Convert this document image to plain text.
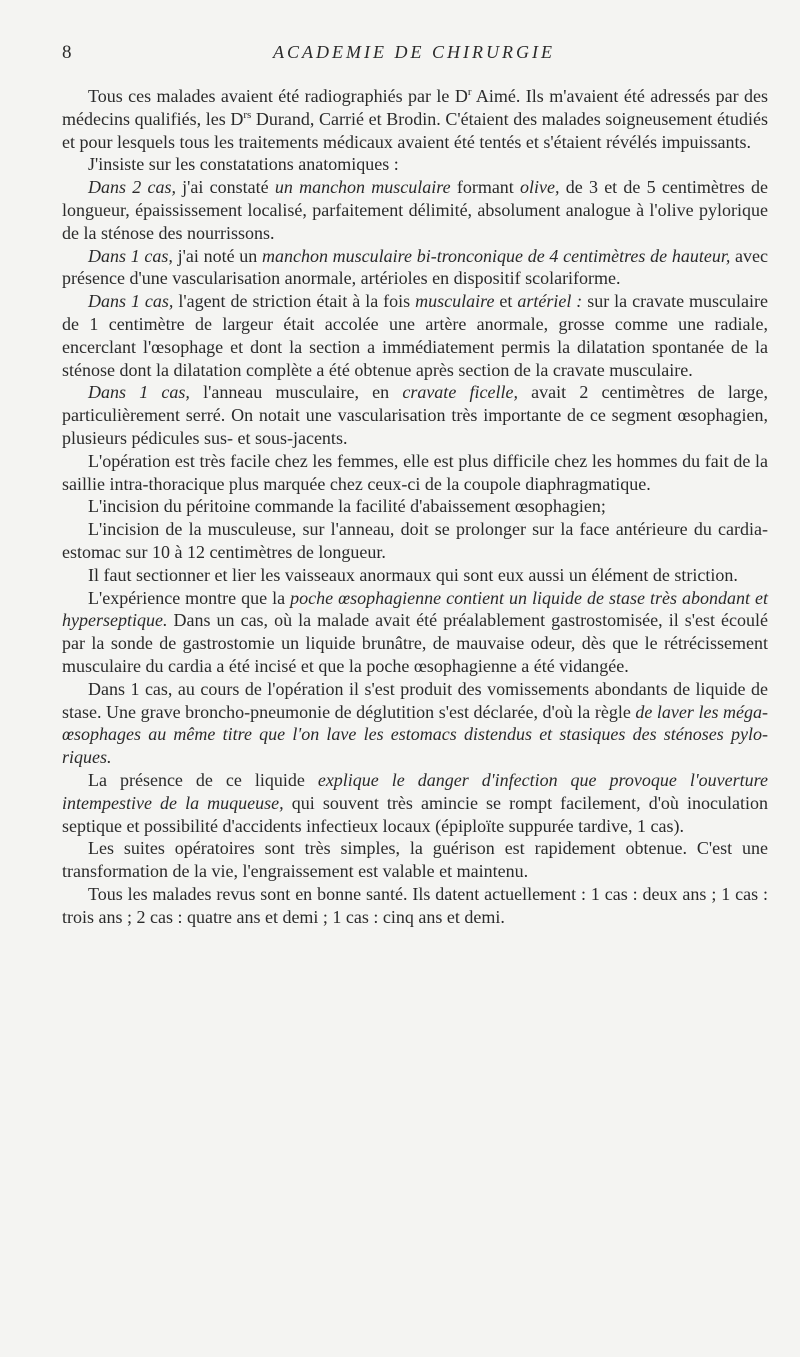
8	ACADEMIE DE CHIRURGIE

Tous ces malades avaient été radiographiés par le $D^r$ Aimé. Ils m'avaient été adressés par des médecins qualifiés, les $D^{rs}$ Durand, Carrié et Brodin. C'étaient des malades soigneusement étudiés et pour lesquels tous les traitements médicaux avaient été tentés et s'étaient révélés impuissants.

J'insiste sur les constatations anatomiques :

Dans 2 cas, j'ai constaté un manchon musculaire formant olive, de 3 et de 5 centimètres de longueur, épaississement localisé, parfaitement délimité, absolument analogue à l'olive pylorique de la sténose des nourrissons.

Dans 1 cas, j'ai noté un manchon musculaire bi-tronconique de 4 centimètres de hauteur, avec présence d'une vascularisation anormale, artérioles en dispositif scolariforme.

Dans 1 cas, l'agent de striction était à la fois musculaire et artériel : sur la cravate musculaire de 1 centimètre de largeur était accolée une artère anormale, grosse comme une radiale, encerclant l'œsophage et dont la section a immédiatement permis la dilatation spontanée de la sténose dont la dilatation complète a été obtenue après section de la cravate musculaire.

Dans 1 cas, l'anneau musculaire, en cravate ficelle, avait 2 centimètres de large, particulièrement serré. On notait une vascularisation très importante de ce segment œsophagien, plusieurs pédicules sus- et sous-jacents.

L'opération est très facile chez les femmes, elle est plus difficile chez les hommes du fait de la saillie intra-thoracique plus marquée chez ceux-ci de la coupole diaphragmatique.

L'incision du péritoine commande la facilité d'abaissement œsophagien;

L'incision de la musculeuse, sur l'anneau, doit se prolonger sur la face antérieure du cardia-estomac sur 10 à 12 centimètres de longueur.

Il faut sectionner et lier les vaisseaux anormaux qui sont eux aussi un élément de striction.

L'expérience montre que la poche œsophagienne contient un liquide de stase très abondant et hyperseptique. Dans un cas, où la malade avait été préalablement gastrostomisée, il s'est écoulé par la sonde de gastrostomie un liquide brunâtre, de mauvaise odeur, dès que le rétrécissement musculaire du cardia a été incisé et que la poche œsophagienne a été vidangée.

Dans 1 cas, au cours de l'opération il s'est produit des vomissements abondants de liquide de stase. Une grave broncho-pneumonie de déglutition s'est déclarée, d'où la règle de laver les méga-œsophages au même titre que l'on lave les estomacs distendus et stasiques des sténoses pyloriques.

La présence de ce liquide explique le danger d'infection que provoque l'ouverture intempestive de la muqueuse, qui souvent très amincie se rompt facilement, d'où inoculation septique et possibilité d'accidents infectieux locaux (épiploïte suppurée tardive, 1 cas).

Les suites opératoires sont très simples, la guérison est rapidement obtenue. C'est une transformation de la vie, l'engraissement est valable et maintenu.

Tous les malades revus sont en bonne santé. Ils datent actuellement : 1 cas : deux ans ; 1 cas : trois ans ; 2 cas : quatre ans et demi ; 1 cas : cinq ans et demi.
